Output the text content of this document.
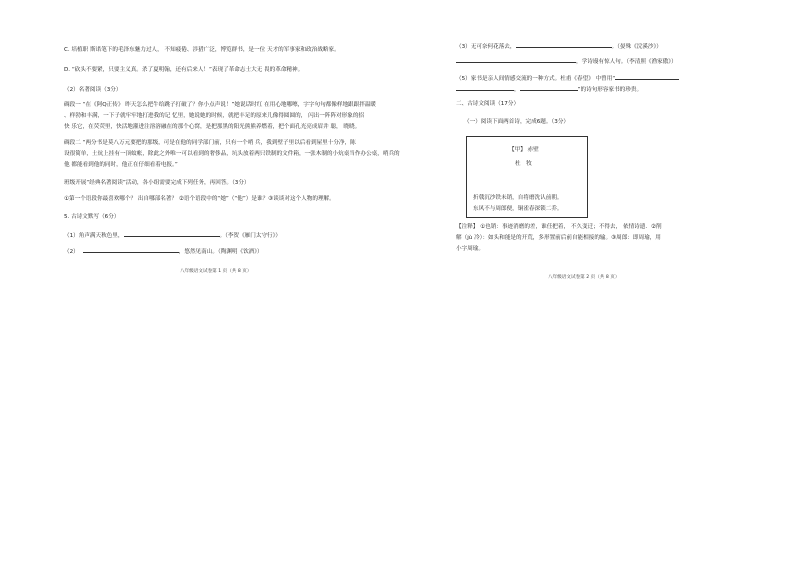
C. 培植职 斯诺笔下的毛泽东魅力过人， 不知疲倦、涉猎广泛，博览群书，是一位 天才的军事家和政治战略家。
D. “砍头不要紧，只要主义真。杀了夏明翰，还有后来人！”表现了革命志士大无 畏的革命精神。
（2）名著阅读（3分）
碉段一 “在《阿Q正传》 昨天怎么把牛给跳子打破了？你小点声说！”她说话时红 在用心地哪嚓，字字句句都像样地跟跟拌温暖
、样勃和丰满，一下子就牢牢地打进我的记 忆里，她说她的时候，就把丰足的原来儿像得圆圆的， 闪出一阵阵对形象的招
快 乐它，在荧荧里，快活地灌进注溶溶融在的那个心窝，是把那黑的阳光熊熊养燃着，把个面孔光亮成眉井 聪， 晓晓。
碉段二 “两分书是莫八万元要把的那级，可是在他的同学部门前，只有一个哨 兵，我到壁子里以后看到屋里十分净，陈
设很简单，土炕上挂有一顶蚊帐，除此之外唯一可以看到的奢侈品，坑头放着两只铁制的文件箱，一张木制的小炕桌当作办公桌，哨兵的
他 都能看到他的同时，他正在仔细看着电报。”
班级开展“经典名著阅读”活动，各小组需要完成下列任务，再回答。（3分）
①第一个语段你最喜欢哪个？ 出自哪部名著？ ②语个语段中的“她”（“他”）是谁？③谈谈对这个人物的理解。
5. 古诗文默写（6分）
（1）角声满天秋色里，	。（李贺《雁门太守行》）
（2）	，悠然见南山。（陶渊明《饮酒》）
八年级语文试卷第 1 页（共 8 页）
（3）无可奈何花落去，	。（晏殊《浣溪沙》）
，学诗谩有惊人句。（李清照《渔家傲》）
（5）家书是亲人间情感交流的一种方式。杜甫《春望》 中曾用“
，	”的诗句形容家书的珍贵。
二、古诗文阅读（17分）
（一）阅读下面两首诗，完成6题。（3分）
八年级语文试卷第 2 页（共 8 页）
【甲】 赤壁
杜　牧
折戟沉沙铁未销，自将磨洗认前朝。
东风不与周郎便，铜雀春深锁二乔。
【注释】 ①也销：事迹消磨的差，谁任把着， 不久变迁；不得去， 依情诗遗．②削
解（jù 冷）：如头和能是的开荒，多形置前后前自能相接的输。③周郎：即周瑜，用
小字周瑜。
